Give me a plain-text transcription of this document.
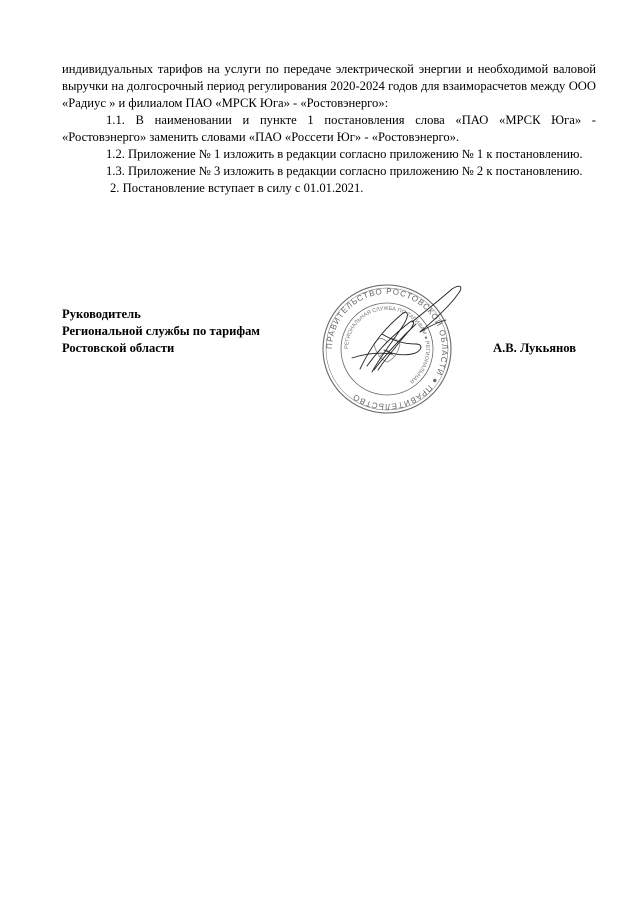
индивидуальных тарифов на услуги по передаче электрической энергии и необходимой валовой выручки на долгосрочный период регулирования 2020-2024 годов для взаиморасчетов между ООО «Радиус » и филиалом ПАО «МРСК Юга» - «Ростовэнерго»:

1.1. В наименовании и пункте 1 постановления слова «ПАО «МРСК Юга» - «Ростовэнерго» заменить словами «ПАО «Россети Юг» - «Ростовэнерго».

1.2. Приложение № 1 изложить в редакции согласно приложению № 1 к постановлению.

1.3. Приложение № 3 изложить в редакции согласно приложению № 2 к постановлению.

2. Постановление вступает в силу с 01.01.2021.

Руководитель
Региональной службы по тарифам
Ростовской области	А.В. Лукьянов
ПРАВИТЕЛЬСТВО РОСТОВСКОЙ ОБЛАСТИ ● ПРАВИТЕЛЬСТВО
РЕГИОНАЛЬНАЯ СЛУЖБА ПО ТАРИФАМ ● РЕГИОНАЛЬНАЯ
